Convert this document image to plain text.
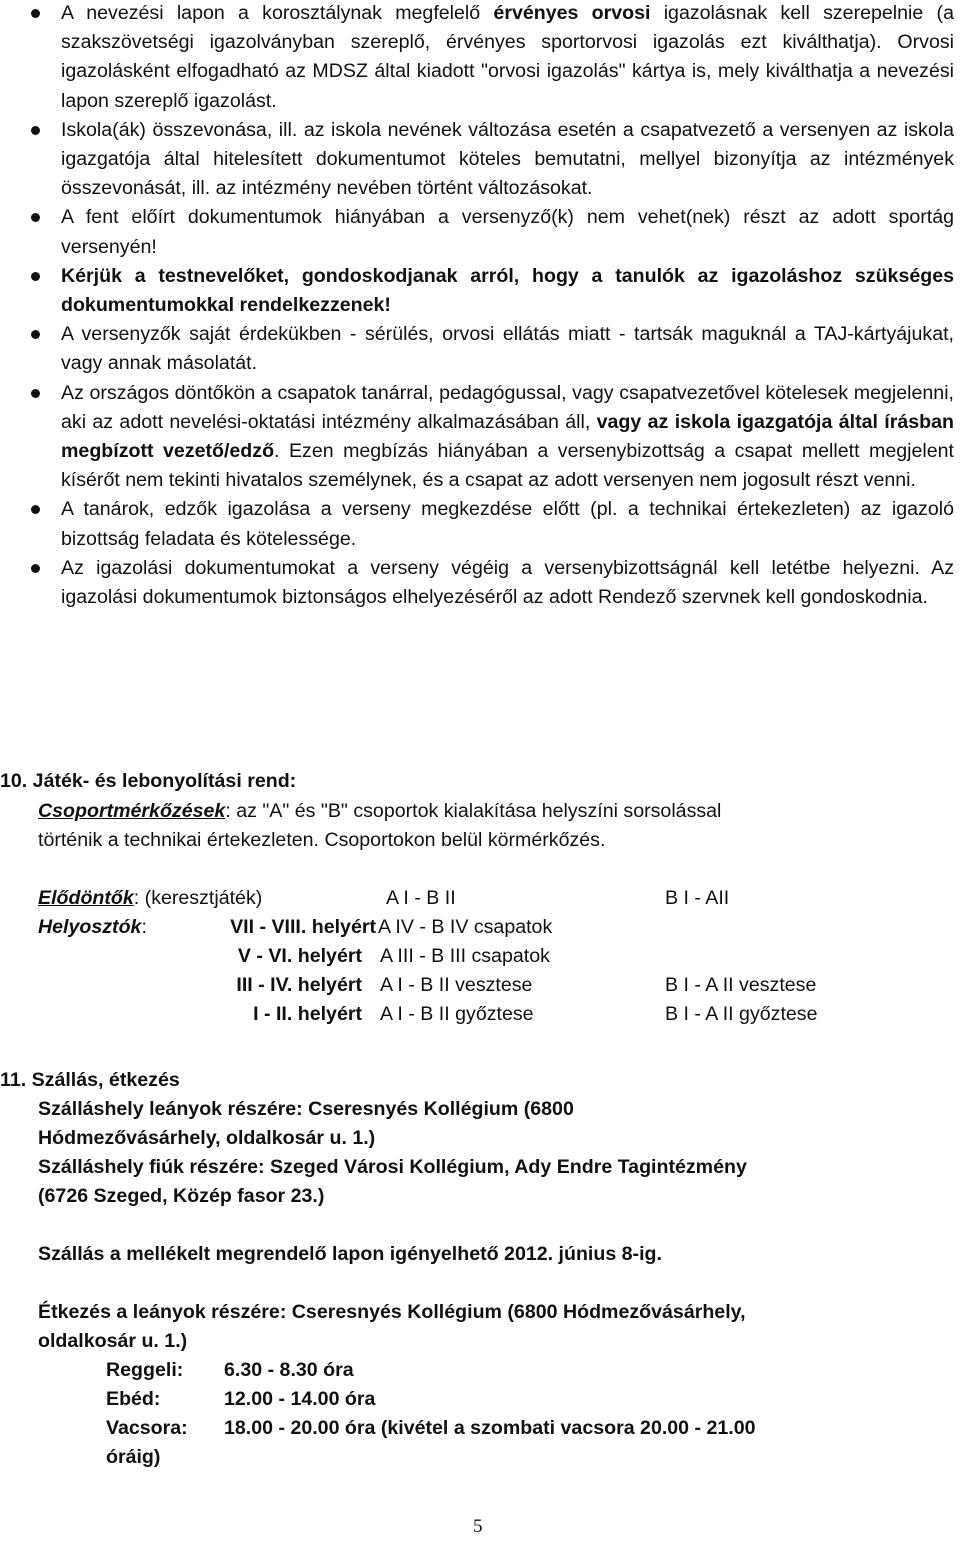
A nevezési lapon a korosztálynak megfelelő érvényes orvosi igazolásnak kell szerepelnie (a szakszövetségi igazolványban szereplő, érvényes sportorvosi igazolás ezt kiválthatja). Orvosi igazolásként elfogadható az MDSZ által kiadott "orvosi igazolás" kártya is, mely kiválthatja a nevezési lapon szereplő igazolást.
Iskola(ák) összevonása, ill. az iskola nevének változása esetén a csapatvezető a versenyen az iskola igazgatója által hitelesített dokumentumot köteles bemutatni, mellyel bizonyítja az intézmények összevonását, ill. az intézmény nevében történt változásokat.
A fent előírt dokumentumok hiányában a versenyző(k) nem vehet(nek) részt az adott sportág versenyén!
Kérjük a testnevelőket, gondoskodjanak arról, hogy a tanulók az igazoláshoz szükséges dokumentumokkal rendelkezzenek!
A versenyzők saját érdekükben - sérülés, orvosi ellátás miatt - tartsák maguknál a TAJ-kártyájukat, vagy annak másolatát.
Az országos döntőkön a csapatok tanárral, pedagógussal, vagy csapatvezetővel kötelesek megjelenni, aki az adott nevelési-oktatási intézmény alkalmazásában áll, vagy az iskola igazgatója által írásban megbízott vezető/edző. Ezen megbízás hiányában a versenybizottság a csapat mellett megjelent kísérőt nem tekinti hivatalos személynek, és a csapat az adott versenyen nem jogosult részt venni.
A tanárok, edzők igazolása a verseny megkezdése előtt (pl. a technikai értekezleten) az igazoló bizottság feladata és kötelessége.
Az igazolási dokumentumokat a verseny végéig a versenybizottságnál kell letétbe helyezni. Az igazolási dokumentumok biztonságos elhelyezéséről az adott Rendező szervnek kell gondoskodnia.
10. Játék- és lebonyolítási rend:
Csoportmérkőzések: az "A" és "B" csoportok kialakítása helyszíni sorsolással
történik a technikai értekezleten. Csoportokon belül körmérkőzés.
Elődöntők: (keresztjáték)	A I - B II	B I - AII
Helyosztók:	VII - VIII. helyért A IV - B IV csapatok
V - VI. helyért A III - B III csapatok
III - IV. helyért A I - B II vesztese	B I - A II vesztese
I - II. helyért A I - B II győztese	B I - A II győztese
11. Szállás, étkezés
Szálláshely leányok részére: Cseresnyés Kollégium (6800
Hódmezővásárhely, oldalkosár u. 1.)
Szálláshely fiúk részére: Szeged Városi Kollégium, Ady Endre Tagintézmény
(6726 Szeged, Közép fasor 23.)
Szállás a mellékelt megrendelő lapon igényelhető 2012. június 8-ig.
Étkezés a leányok részére: Cseresnyés Kollégium (6800 Hódmezővásárhely,
oldalkosár u. 1.)
Reggeli: 6.30 - 8.30 óra
Ebéd:	12.00 - 14.00 óra
Vacsora: 18.00 - 20.00 óra (kivétel a szombati vacsora 20.00 - 21.00
óráig)
5
